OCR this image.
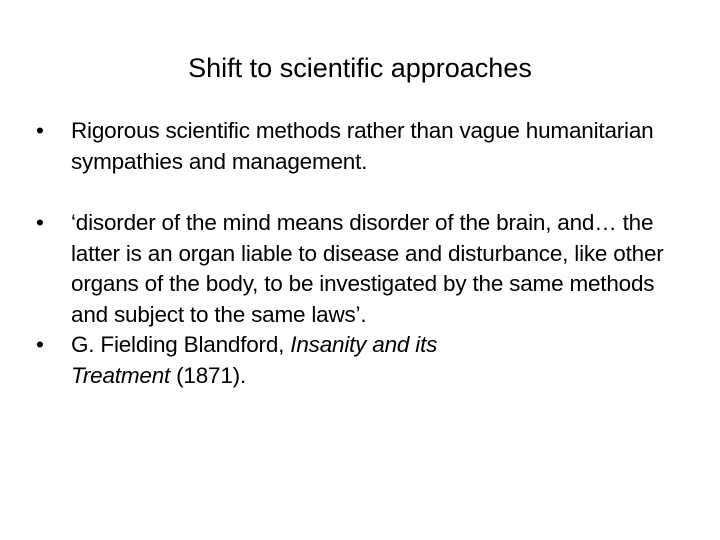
Shift to scientific approaches
• Rigorous scientific methods rather than vague humanitarian sympathies and management.
• ‘disorder of the mind means disorder of the brain, and… the latter is an organ liable to disease and disturbance, like other organs of the body, to be investigated by the same methods and subject to the same laws’.
• G. Fielding Blandford, Insanity and its
Treatment (1871).
